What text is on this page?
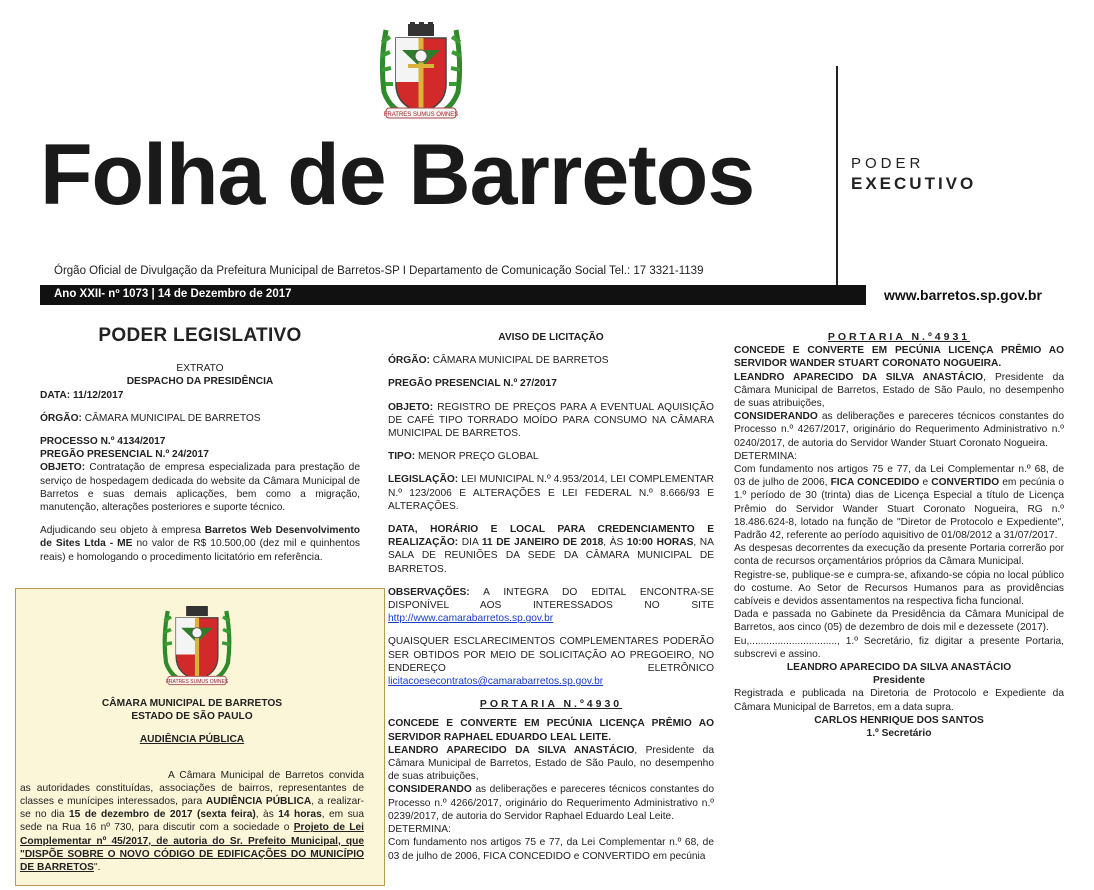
FRATRES SUMUS OMNES
Folha de Barretos	PODER
EXECUTIVO
Órgão Oficial de Divulgação da Prefeitura Municipal de Barretos-SP I Departamento de Comunicação Social Tel.: 17 3321-1139
Ano XXII- nº 1073 | 14 de Dezembro de 2017	www.barretos.sp.gov.br
PODER LEGISLATIVO

EXTRATO

DESPACHO DA PRESIDÊNCIA

DATA: 11/12/2017

ÓRGÃO: CÂMARA MUNICIPAL DE BARRETOS

PROCESSO N.º 4134/2017

PREGÃO PRESENCIAL N.º 24/2017

OBJETO: Contratação de empresa especializada para prestação de serviço de hospedagem dedicada do website da Câmara Municipal de Barretos e suas demais aplicações, bem como a migração, manutenção, alterações posteriores e suporte técnico.

Adjudicando seu objeto à empresa Barretos Web Desenvolvimento de Sites Ltda - ME no valor de R$ 10.500,00 (dez mil e quinhentos reais) e homologando o procedimento licitatório em referência.

FRATRES SUMUS OMNES

CÂMARA MUNICIPAL DE BARRETOS

ESTADO DE SÃO PAULO

AUDIÊNCIA PÚBLICA

A Câmara Municipal de Barretos convida as autoridades constituídas, associações de bairros, representantes de classes e munícipes interessados, para AUDIÊNCIA PÚBLICA, a realizar-se no dia 15 de dezembro de 2017 (sexta feira), às 14 horas, em sua sede na Rua 16 nº 730, para discutir com a sociedade o Projeto de Lei Complementar nº 45/2017, de autoria do Sr. Prefeito Municipal, que "DISPÕE SOBRE O NOVO CÓDIGO DE EDIFICAÇÕES DO MUNICÍPIO DE BARRETOS".

AVISO DE LICITAÇÃO

ÓRGÃO: CÂMARA MUNICIPAL DE BARRETOS

PREGÃO PRESENCIAL N.º 27/2017

OBJETO: REGISTRO DE PREÇOS PARA A EVENTUAL AQUISIÇÃO DE CAFÉ TIPO TORRADO MOÍDO PARA CONSUMO NA CÂMARA MUNICIPAL DE BARRETOS.

TIPO: MENOR PREÇO GLOBAL

LEGISLAÇÃO: LEI MUNICIPAL N.º 4.953/2014, LEI COMPLEMENTAR N.º 123/2006 E ALTERAÇÕES E LEI FEDERAL N.º 8.666/93 E ALTERAÇÕES.

DATA, HORÁRIO E LOCAL PARA CREDENCIAMENTO E REALIZAÇÃO: DIA 11 DE JANEIRO DE 2018, ÀS 10:00 HORAS, NA SALA DE REUNIÕES DA SEDE DA CÂMARA MUNICIPAL DE BARRETOS.

OBSERVAÇÕES: A INTEGRA DO EDITAL ENCONTRA-SE DISPONÍVEL AOS INTERESSADOS NO SITE http://www.camarabarretos.sp.gov.br

QUAISQUER ESCLARECIMENTOS COMPLEMENTARES PODERÃO SER OBTIDOS POR MEIO DE SOLICITAÇÃO AO PREGOEIRO, NO ENDEREÇO ELETRÔNICO licitacoesecontratos@camarabarretos.sp.gov.br

PORTARIA N.º4930

CONCEDE E CONVERTE EM PECÚNIA LICENÇA PRÊMIO AO SERVIDOR RAPHAEL EDUARDO LEAL LEITE.

LEANDRO APARECIDO DA SILVA ANASTÁCIO, Presidente da Câmara Municipal de Barretos, Estado de São Paulo, no desempenho de suas atribuições,

CONSIDERANDO as deliberações e pareceres técnicos constantes do Processo n.º 4266/2017, originário do Requerimento Administrativo n.º 0239/2017, de autoria do Servidor Raphael Eduardo Leal Leite.

DETERMINA:

Com fundamento nos artigos 75 e 77, da Lei Complementar n.º 68, de 03 de julho de 2006, FICA CONCEDIDO e CONVERTIDO em pecúnia

PORTARIA N.º4931

CONCEDE E CONVERTE EM PECÚNIA LICENÇA PRÊMIO AO SERVIDOR WANDER STUART CORONATO NOGUEIRA.

LEANDRO APARECIDO DA SILVA ANASTÁCIO, Presidente da Câmara Municipal de Barretos, Estado de São Paulo, no desempenho de suas atribuições,

CONSIDERANDO as deliberações e pareceres técnicos constantes do Processo n.º 4267/2017, originário do Requerimento Administrativo n.º 0240/2017, de autoria do Servidor Wander Stuart Coronato Nogueira.

DETERMINA:

Com fundamento nos artigos 75 e 77, da Lei Complementar n.º 68, de 03 de julho de 2006, FICA CONCEDIDO e CONVERTIDO em pecúnia o 1.º período de 30 (trinta) dias de Licença Especial a título de Licença Prêmio do Servidor Wander Stuart Coronato Nogueira, RG n.º 18.486.624-8, lotado na função de "Diretor de Protocolo e Expediente", Padrão 42, referente ao período aquisitivo de 01/08/2012 a 31/07/2017.

As despesas decorrentes da execução da presente Portaria correrão por conta de recursos orçamentários próprios da Câmara Municipal.

Registre-se, publique-se e cumpra-se, afixando-se cópia no local público do costume. Ao Setor de Recursos Humanos para as providências cabíveis e devidos assentamentos na respectiva ficha funcional.

Dada e passada no Gabinete da Presidência da Câmara Municipal de Barretos, aos cinco (05) de dezembro de dois mil e dezessete (2017).

Eu,..............................., 1.º Secretário, fiz digitar a presente Portaria, subscrevi e assino.

LEANDRO APARECIDO DA SILVA ANASTÁCIO

Presidente

Registrada e publicada na Diretoria de Protocolo e Expediente da Câmara Municipal de Barretos, em a data supra.

CARLOS HENRIQUE DOS SANTOS

1.º Secretário
